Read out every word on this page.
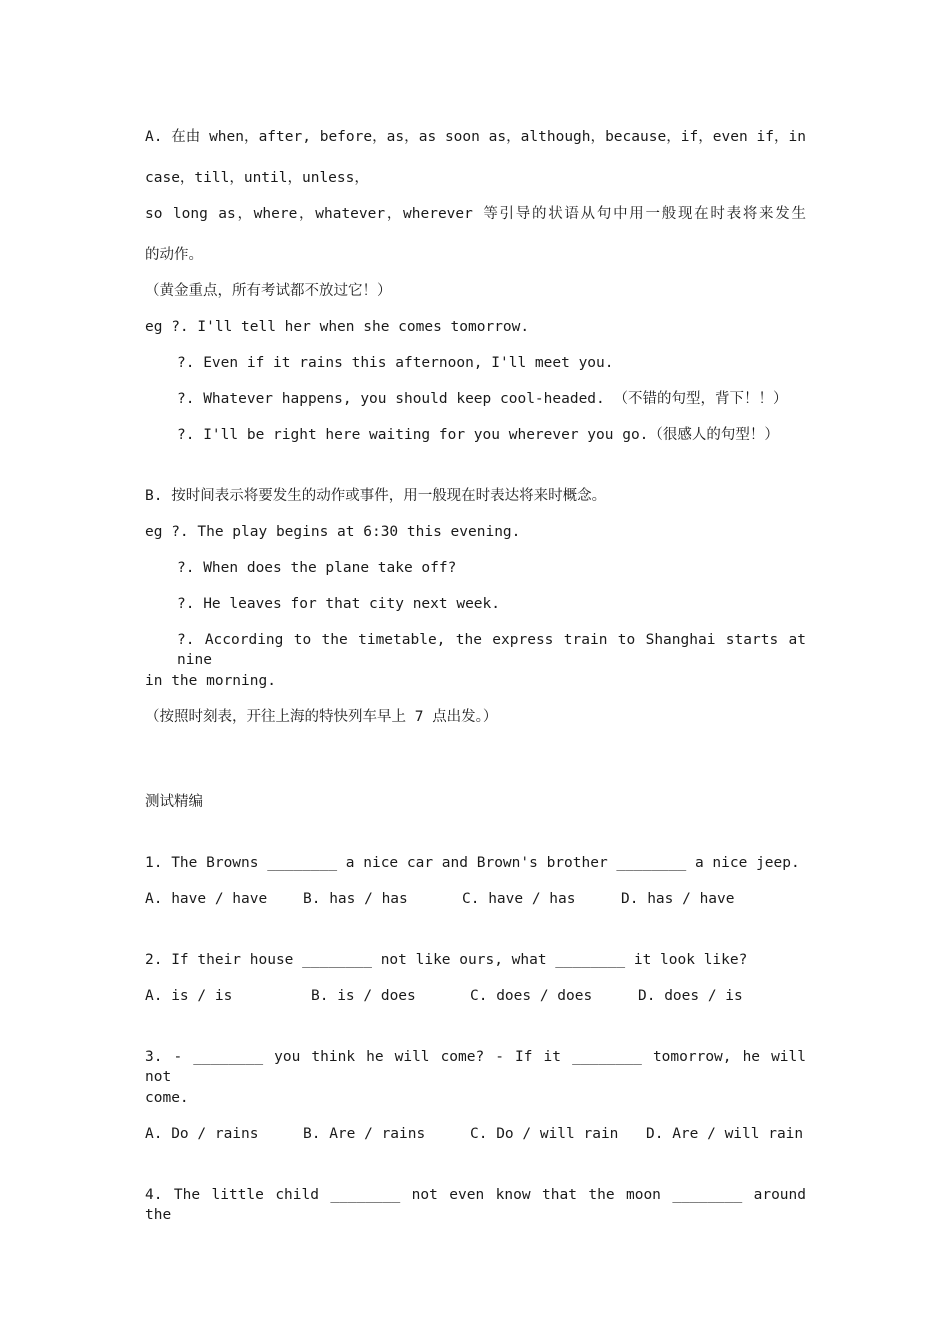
A. 在由 when，after, before，as，as soon as，although，because，if，even if，in
case，till，until，unless，
so long as，where，whatever，wherever 等引导的状语从句中用一般现在时表将来发生
的动作。
（黄金重点，所有考试都不放过它！）
eg ?. I'll tell her when she comes tomorrow.
?. Even if it rains this afternoon, I'll meet you.
?. Whatever happens, you should keep cool-headed. （不错的句型，背下！！）
?. I'll be right here waiting for you wherever you go.（很感人的句型！）
B. 按时间表示将要发生的动作或事件，用一般现在时表达将来时概念。
eg ?. The play begins at 6:30 this evening.
?. When does the plane take off?
?. He leaves for that city next week.
?. According to the timetable, the express train to Shanghai starts at nine
in the morning.
（按照时刻表，开往上海的特快列车早上 7 点出发。）
测试精编
1. The Browns ________ a nice car and Brown's brother ________ a nice jeep.
A. have / have B. has / has	C. have / has	D. has / have
2. If their house ________ not like ours, what ________ it look like?
A. is / is	B. is / does	C. does / does	D. does / is
3. - ________ you think he will come? - If it ________ tomorrow, he will not
come.
A. Do / rains	B. Are / rains	C. Do / will rain D. Are / will rain
4. The little child ________ not even know that the moon ________ around the
